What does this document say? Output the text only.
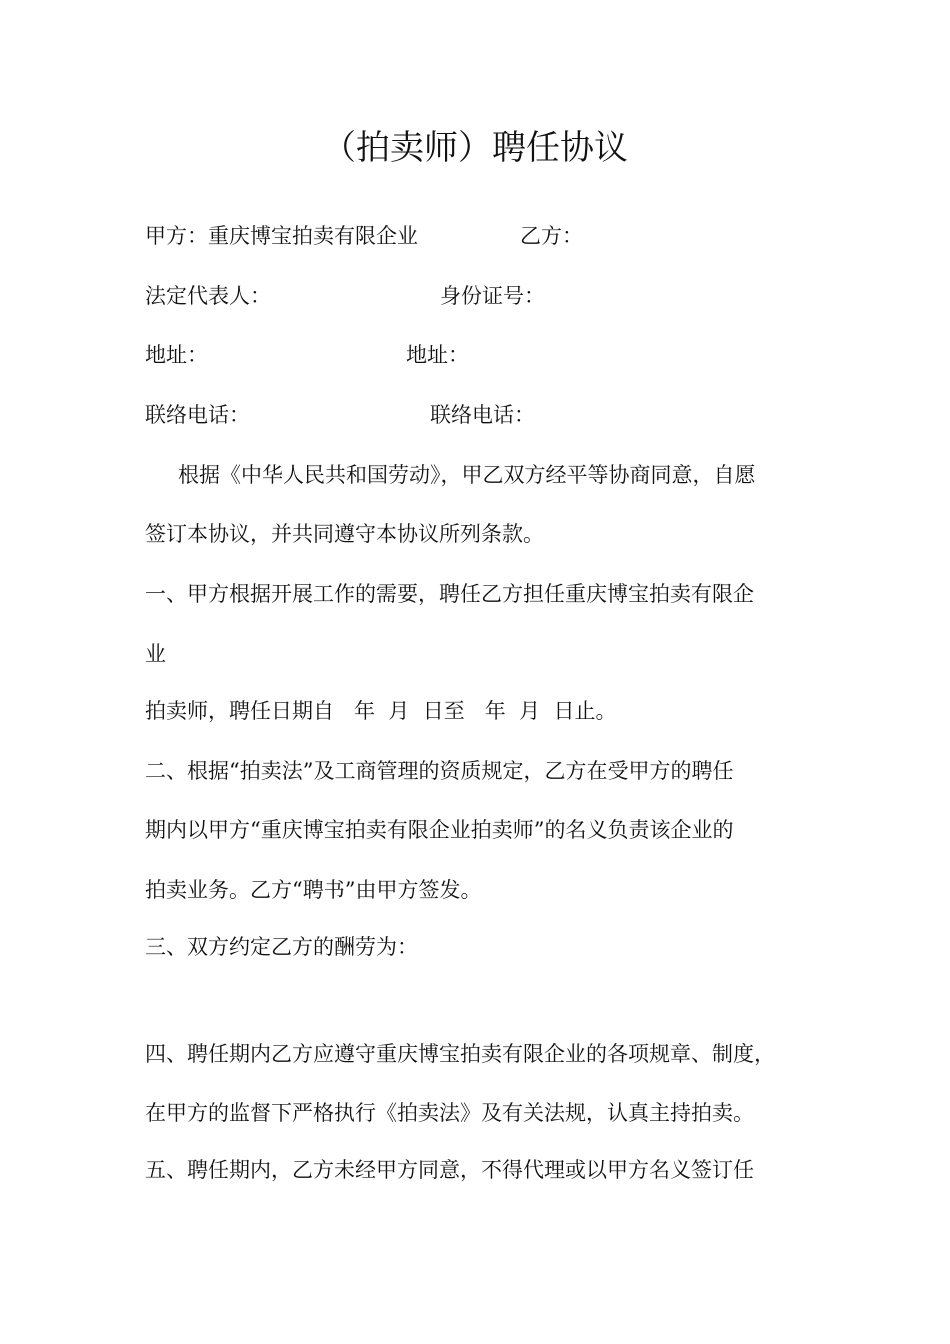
（拍卖师）聘任协议
甲方：重庆博宝拍卖有限企业	乙方：
法定代表人：	身份证号：
地址：	地址：
联络电话：	联络电话：
根据《中华人民共和国劳动》，甲乙双方经平等协商同意，自愿
签订本协议，并共同遵守本协议所列条款。
一、甲方根据开展工作的需要，聘任乙方担任重庆博宝拍卖有限企
业
拍卖师，聘任日期自   年  月  日至   年  月  日止。
二、根据“拍卖法”及工商管理的资质规定，乙方在受甲方的聘任
期内以甲方“重庆博宝拍卖有限企业拍卖师”的名义负责该企业的
拍卖业务。乙方“聘书”由甲方签发。
三、双方约定乙方的酬劳为：
四、聘任期内乙方应遵守重庆博宝拍卖有限企业的各项规章、制度，
在甲方的监督下严格执行《拍卖法》及有关法规，认真主持拍卖。
五、聘任期内，乙方未经甲方同意，不得代理或以甲方名义签订任
